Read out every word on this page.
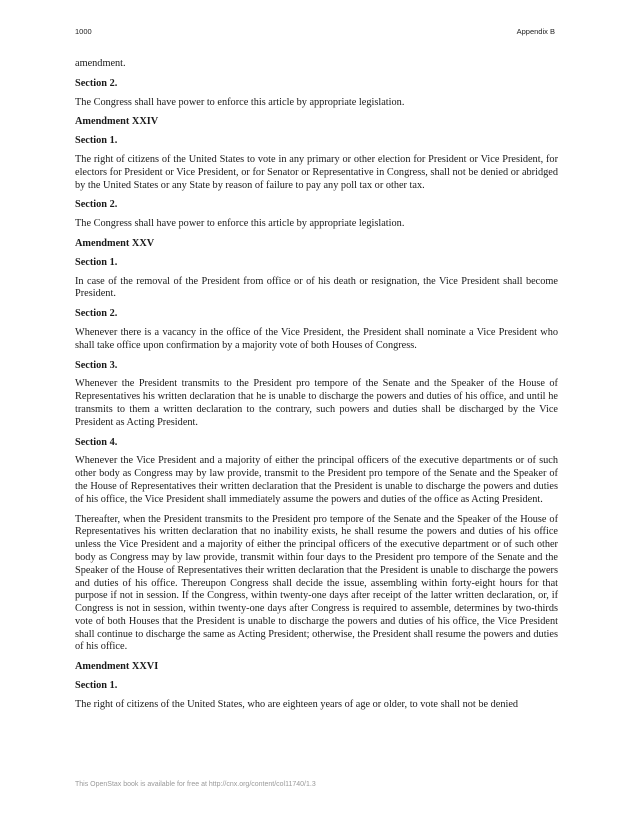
1000	Appendix B

amendment.

Section 2.

The Congress shall have power to enforce this article by appropriate legislation.

Amendment XXIV
Section 1.

The right of citizens of the United States to vote in any primary or other election for President or Vice President, for electors for President or Vice President, or for Senator or Representative in Congress, shall not be denied or abridged by the United States or any State by reason of failure to pay any poll tax or other tax.

Section 2.

The Congress shall have power to enforce this article by appropriate legislation.

Amendment XXV
Section 1.

In case of the removal of the President from office or of his death or resignation, the Vice President shall become President.

Section 2.

Whenever there is a vacancy in the office of the Vice President, the President shall nominate a Vice President who shall take office upon confirmation by a majority vote of both Houses of Congress.

Section 3.

Whenever the President transmits to the President pro tempore of the Senate and the Speaker of the House of Representatives his written declaration that he is unable to discharge the powers and duties of his office, and until he transmits to them a written declaration to the contrary, such powers and duties shall be discharged by the Vice President as Acting President.

Section 4.

Whenever the Vice President and a majority of either the principal officers of the executive departments or of such other body as Congress may by law provide, transmit to the President pro tempore of the Senate and the Speaker of the House of Representatives their written declaration that the President is unable to discharge the powers and duties of his office, the Vice President shall immediately assume the powers and duties of the office as Acting President.

Thereafter, when the President transmits to the President pro tempore of the Senate and the Speaker of the House of Representatives his written declaration that no inability exists, he shall resume the powers and duties of his office unless the Vice President and a majority of either the principal officers of the executive department or of such other body as Congress may by law provide, transmit within four days to the President pro tempore of the Senate and the Speaker of the House of Representatives their written declaration that the President is unable to discharge the powers and duties of his office. Thereupon Congress shall decide the issue, assembling within forty-eight hours for that purpose if not in session. If the Congress, within twenty-one days after receipt of the latter written declaration, or, if Congress is not in session, within twenty-one days after Congress is required to assemble, determines by two-thirds vote of both Houses that the President is unable to discharge the powers and duties of his office, the Vice President shall continue to discharge the same as Acting President; otherwise, the President shall resume the powers and duties of his office.

Amendment XXVI
Section 1.

The right of citizens of the United States, who are eighteen years of age or older, to vote shall not be denied

This OpenStax book is available for free at http://cnx.org/content/col11740/1.3
